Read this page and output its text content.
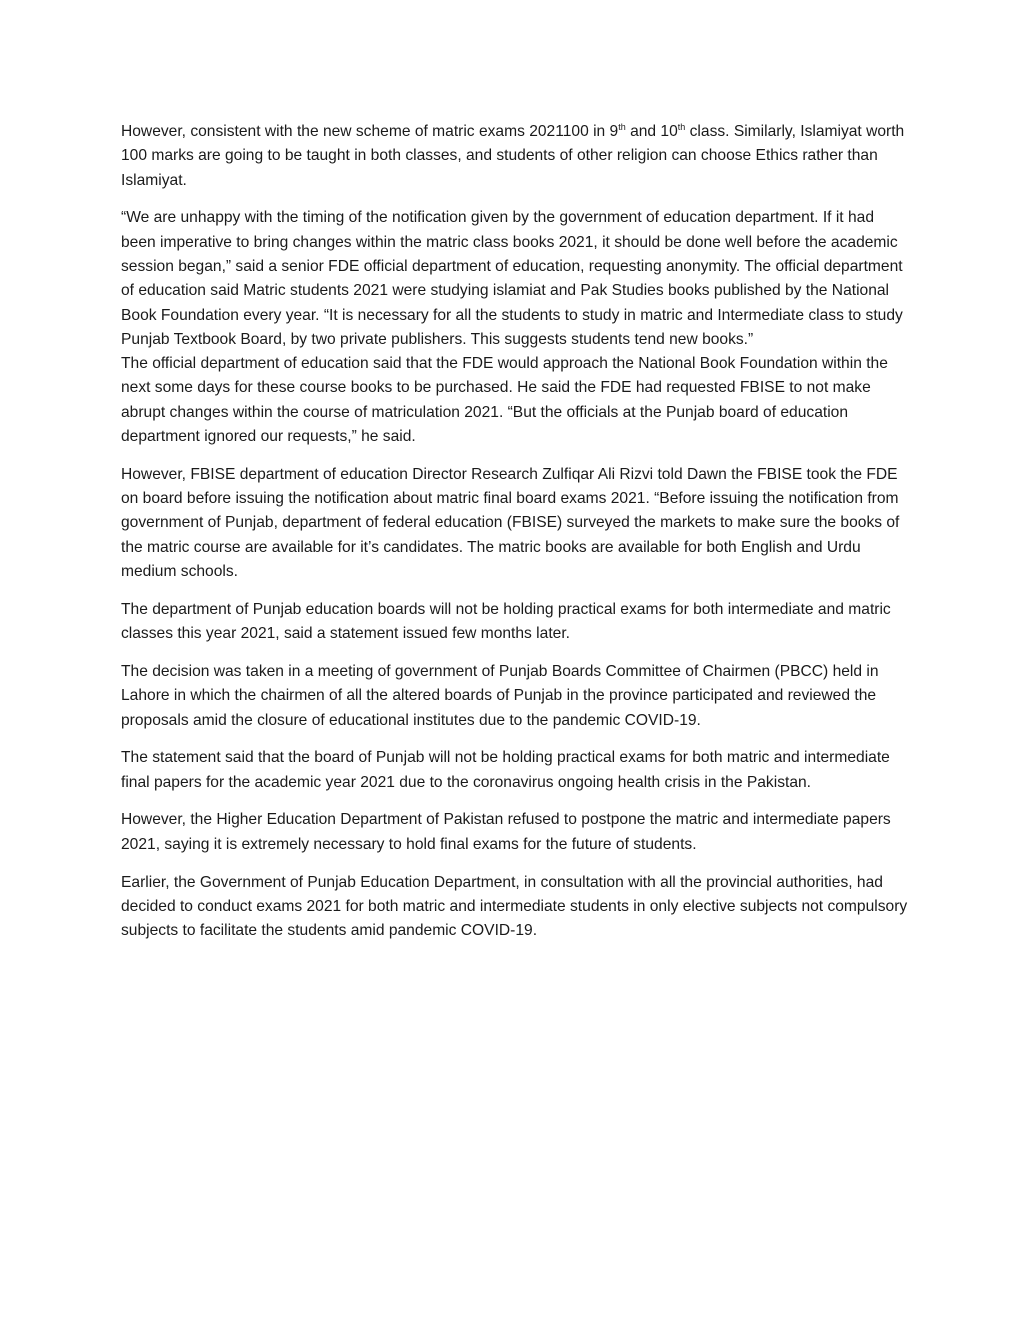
However, consistent with the new scheme of matric exams 2021100 in 9th and 10th class. Similarly, Islamiyat worth 100 marks are going to be taught in both classes, and students of other religion can choose Ethics rather than Islamiyat.

“We are unhappy with the timing of the notification given by the government of education department. If it had been imperative to bring changes within the matric class books 2021, it should be done well before the academic session began,” said a senior FDE official department of education, requesting anonymity. The official department of education said Matric students 2021 were studying islamiat and Pak Studies books published by the National Book Foundation every year. “It is necessary for all the students to study in matric and Intermediate class to study Punjab Textbook Board, by two private publishers. This suggests students tend new books.”

The official department of education said that the FDE would approach the National Book Foundation within the next some days for these course books to be purchased. He said the FDE had requested FBISE to not make abrupt changes within the course of matriculation 2021. “But the officials at the Punjab board of education department ignored our requests,” he said.

However, FBISE department of education Director Research Zulfiqar Ali Rizvi told Dawn the FBISE took the FDE on board before issuing the notification about matric final board exams 2021. “Before issuing the notification from government of Punjab, department of federal education (FBISE) surveyed the markets to make sure the books of the matric course are available for it’s candidates. The matric books are available for both English and Urdu medium schools.

The department of Punjab education boards will not be holding practical exams for both intermediate and matric classes this year 2021, said a statement issued few months later.

The decision was taken in a meeting of government of Punjab Boards Committee of Chairmen (PBCC) held in Lahore in which the chairmen of all the altered boards of Punjab in the province participated and reviewed the proposals amid the closure of educational institutes due to the pandemic COVID-19.

The statement said that the board of Punjab will not be holding practical exams for both matric and intermediate final papers for the academic year 2021 due to the coronavirus ongoing health crisis in the Pakistan.

However, the Higher Education Department of Pakistan refused to postpone the matric and intermediate papers 2021, saying it is extremely necessary to hold final exams for the future of students.

Earlier, the Government of Punjab Education Department, in consultation with all the provincial authorities, had decided to conduct exams 2021 for both matric and intermediate students in only elective subjects not compulsory subjects to facilitate the students amid pandemic COVID-19.
